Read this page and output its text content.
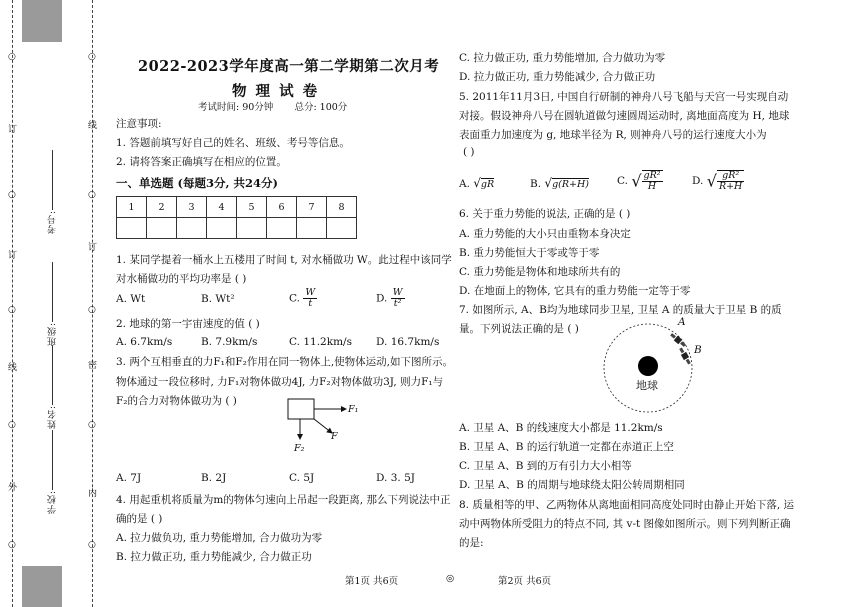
○
订
○
订
○
线
○
外
○
○
线
○
订
○
密
○
内
○
考号:
班级:
姓名:
学校:
2022-2023学年度高一第二学期第二次月考
物 理 试 卷
考试时间: 90分钟       总分: 100分
注意事项:
1. 答题前填写好自己的姓名、班级、考号等信息。
2. 请将答案正确填写在相应的位置。
一、单选题 (每题3分, 共24分)
1	2	3	4	5	6	7	8

1. 某同学提着一桶水上五楼用了时间 t, 对水桶做功 W。此过程中该同学
对水桶做功的平均功率是 ( )
A. Wt	B. Wt²	C. $\frac{W}{t}$	D. $\frac{W}{\text{t²}}$
2. 地球的第一宇宙速度的值 ( )
A. 6.7km/s	B. 7.9km/s	C. 11.2km/s D. 16.7km/s
3. 两个互相垂直的力F₁和F₂作用在同一物体上,使物体运动,如下图所示。
物体通过一段位移时, 力F₁对物体做功4J, 力F₂对物体做功3J, 则力F₁与
F₂的合力对物体做功为 ( )
F₁
F
F₂
A. 7J	B. 2J	C. 5J	D. 3. 5J
4. 用起重机将质量为m的物体匀速向上吊起一段距离, 那么下列说法中正
确的是 ( )
A. 拉力做负功, 重力势能增加, 合力做功为零
B. 拉力做正功, 重力势能减少, 合力做正功
C. 拉力做正功, 重力势能增加, 合力做功为零
D. 拉力做正功, 重力势能减少, 合力做正功
5. 2011年11月3日, 中国自行研制的神舟八号飞船与天宫一号实现自动
对接。假设神舟八号在圆轨道做匀速圆周运动时, 离地面高度为 H, 地球
表面重力加速度为 g, 地球半径为 R, 则神舟八号的运行速度大小为
( )
A. √gR	B. √g(R+H)	C. √ $\frac{\text{gR²}}{H}$	D. √ $\frac{\text{gR²}}{R+H}$
6. 关于重力势能的说法, 正确的是 ( )
A. 重力势能的大小只由重物本身决定
B. 重力势能恒大于零或等于零
C. 重力势能是物体和地球所共有的
D. 在地面上的物体, 它具有的重力势能一定等于零
7. 如图所示, A、B均为地球同步卫星, 卫星 A 的质量大于卫星 B 的质
量。下列说法正确的是 ( )
A
B
地球
A. 卫星 A、B 的线速度大小都是 11.2km/s
B. 卫星 A、B 的运行轨道一定都在赤道正上空
C. 卫星 A、B 到的万有引力大小相等
D. 卫星 A、B 的周期与地球绕太阳公转周期相同
8. 质量相等的甲、乙两物体从离地面相同高度处同时由静止开始下落, 运
动中两物体所受阻力的特点不同, 其 v-t 图像如图所示。则下列判断正确
的是:
第1页 共6页	◎	第2页 共6页
